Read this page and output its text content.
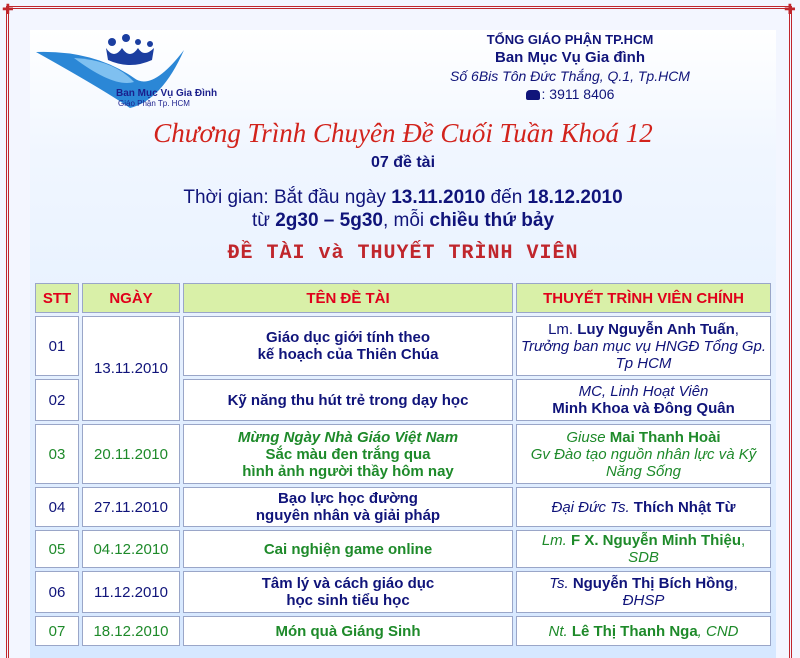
✚	✚
Ban Mục Vụ Gia Đình
Giáo Phận Tp. HCM
TỔNG GIÁO PHẬN TP.HCM
Ban Mục Vụ Gia đình
Số 6Bis Tôn Đức Thắng, Q.1, Tp.HCM
: 3911 8406
Chương Trình Chuyên Đề Cuối Tuần Khoá 12
07 đề tài
Thời gian: Bắt đầu ngày 13.11.2010 đến 18.12.2010
từ 2g30 – 5g30, mỗi chiều thứ bảy
ĐỀ TÀI và THUYẾT TRÌNH VIÊN
STT	NGÀY	TÊN ĐỀ TÀI	THUYẾT TRÌNH VIÊN CHÍNH
01	13.11.2010	Giáo dục giới tính theo
kế hoạch của Thiên Chúa	Lm. Luy Nguyễn Anh Tuấn,
Trưởng ban mục vụ HNGĐ Tổng Gp. Tp HCM
02		Kỹ năng thu hút trẻ trong dạy học	MC, Linh Hoạt Viên
Minh Khoa và Đông Quân
03	20.11.2010	Mừng Ngày Nhà Giáo Việt Nam
Sắc màu đen trắng qua
hình ảnh người thầy hôm nay	Giuse Mai Thanh Hoài
Gv Đào tạo nguồn nhân lực và Kỹ Năng Sống
04	27.11.2010	Bạo lực học đường
nguyên nhân và giải pháp	Đại Đức Ts. Thích Nhật Từ
05	04.12.2010	Cai nghiện game online	Lm. F X. Nguyễn Minh Thiệu,
SDB
06	11.12.2010	Tâm lý và cách giáo dục
học sinh tiểu học	Ts. Nguyễn Thị Bích Hồng,
ĐHSP
07	18.12.2010	Món quà Giáng Sinh	Nt. Lê Thị Thanh Nga, CND
